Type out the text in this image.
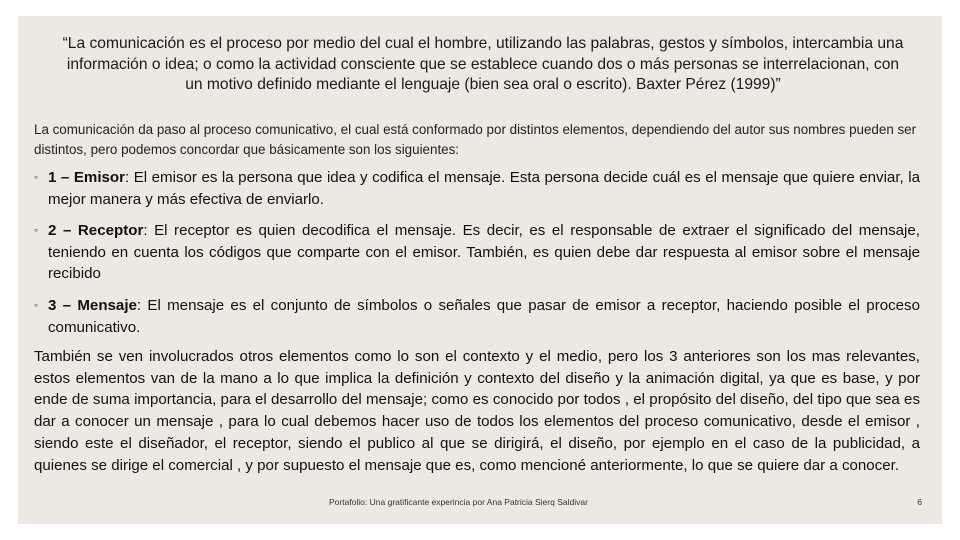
“La comunicación es el proceso por medio del cual el hombre, utilizando las palabras, gestos y símbolos, intercambia una información o idea; o como la actividad consciente que se establece cuando dos o más personas se interrelacionan, con un motivo definido mediante el lenguaje (bien sea oral o escrito). Baxter Pérez (1999)”
La comunicación da paso al proceso comunicativo, el cual está conformado por distintos elementos, dependiendo del autor sus nombres pueden ser distintos, pero podemos concordar que básicamente son los siguientes:
◦ 1 – Emisor: El emisor es la persona que idea y codifica el mensaje. Esta persona decide cuál es el mensaje que quiere enviar, la mejor manera y más efectiva de enviarlo.
◦ 2 – Receptor: El receptor es quien decodifica el mensaje. Es decir, es el responsable de extraer el significado del mensaje, teniendo en cuenta los códigos que comparte con el emisor. También, es quien debe dar respuesta al emisor sobre el mensaje recibido
◦ 3 – Mensaje: El mensaje es el conjunto de símbolos o señales que pasar de emisor a receptor, haciendo posible el proceso comunicativo.
También se ven involucrados otros elementos como lo son el contexto y el medio, pero los 3 anteriores son los mas relevantes, estos elementos van de la mano a lo que implica la definición y contexto del diseño y la animación digital, ya que es base, y por ende de suma importancia, para el desarrollo del mensaje; como es conocido por todos , el propósito del diseño, del tipo que sea es dar a conocer un mensaje , para lo cual debemos hacer uso de todos los elementos del proceso comunicativo, desde el emisor , siendo este el diseñador, el receptor, siendo el publico al que se dirigirá, el diseño, por ejemplo en el caso de la publicidad, a quienes se dirige el comercial , y por supuesto el mensaje que es, como mencioné anteriormente, lo que se quiere dar a conocer.
Portafolio: Una gratificante experincia por Ana Patricia Sierq Saldivar	6
